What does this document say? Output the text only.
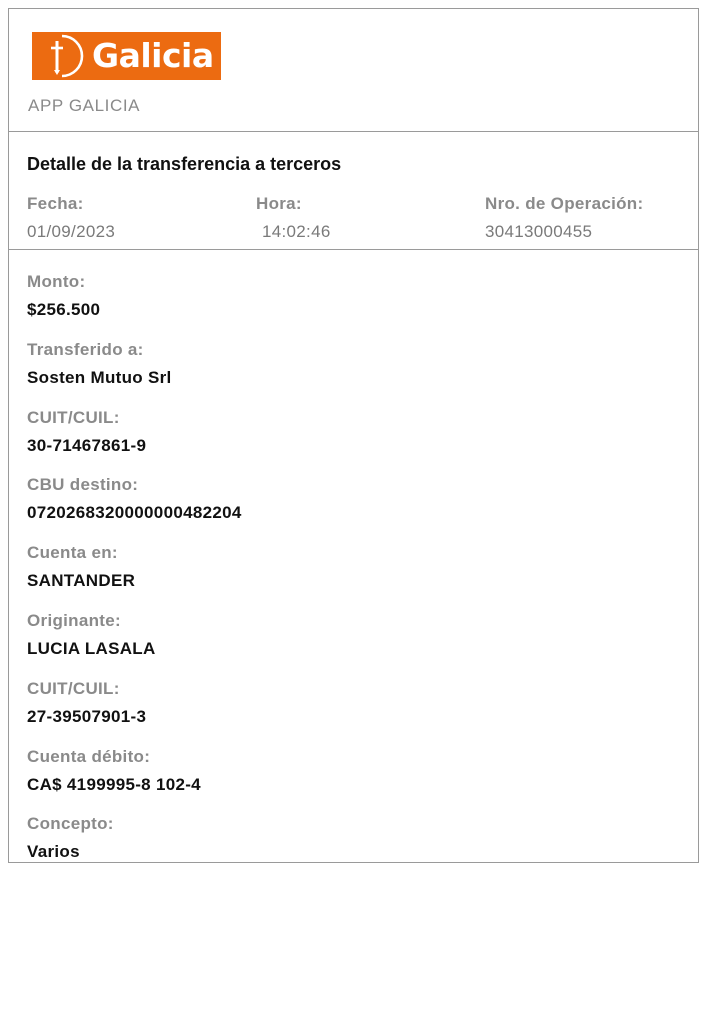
Galicia
APP GALICIA
Detalle de la transferencia a terceros
Fecha:
01/09/2023
Hora:
14:02:46
Nro. de Operación:
30413000455
Monto:
$256.500
Transferido a:
Sosten Mutuo Srl
CUIT/CUIL:
30-71467861-9
CBU destino:
0720268320000000482204
Cuenta en:
SANTANDER
Originante:
LUCIA LASALA
CUIT/CUIL:
27-39507901-3
Cuenta débito:
CA$ 4199995-8 102-4
Concepto:
Varios
